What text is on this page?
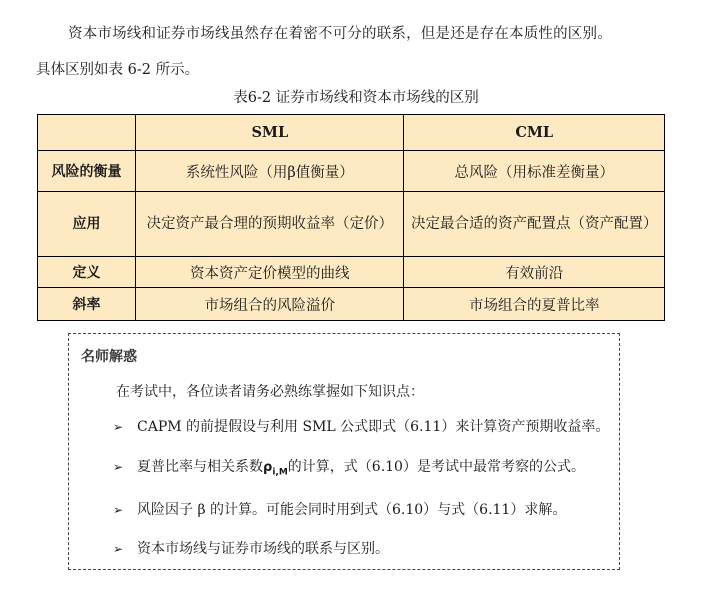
资本市场线和证券市场线虽然存在着密不可分的联系，但是还是存在本质性的区别。
具体区别如表 6-2 所示。
表6-2 证券市场线和资本市场线的区别
	SML	CML
风险的衡量	系统性风险（用β值衡量）	总风险（用标准差衡量）
应用	决定资产最合理的预期收益率（定价）	决定最合适的资产配置点（资产配置）
定义	资本资产定价模型的曲线	有效前沿
斜率	市场组合的风险溢价	市场组合的夏普比率
名师解惑
在考试中，各位读者请务必熟练掌握如下知识点：
➢ CAPM 的前提假设与利用 SML 公式即式（6.11）来计算资产预期收益率。
➢ 夏普比率与相关系数$\rho_{i,M}$的计算，式（6.10）是考试中最常考察的公式。
➢ 风险因子 β 的计算。可能会同时用到式（6.10）与式（6.11）求解。
➢ 资本市场线与证券市场线的联系与区别。
